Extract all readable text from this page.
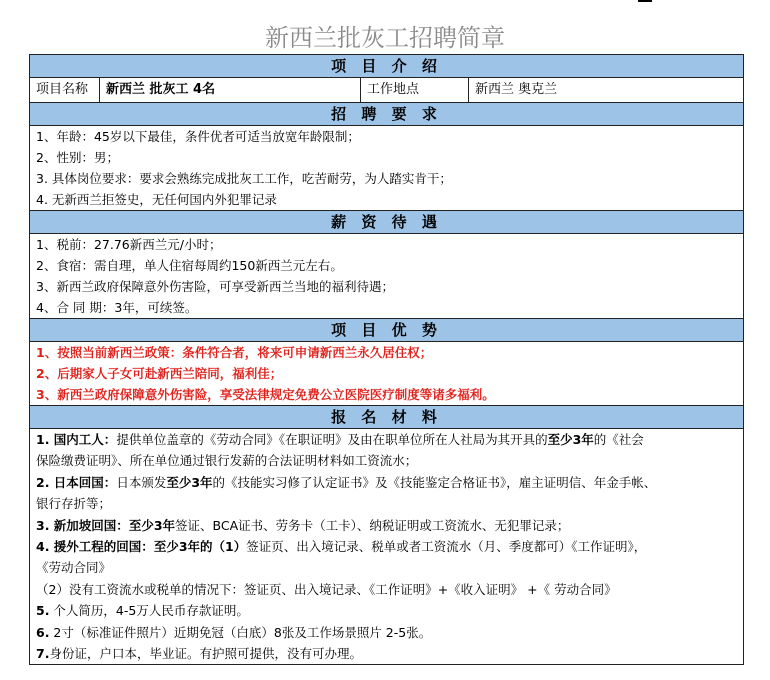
新西兰批灰工招聘简章
项 目 介 绍
项目名称	新西兰 批灰工 4名	工作地点	新西兰 奥克兰
招 聘 要 求
1、年龄：45岁以下最佳，条件优者可适当放宽年龄限制；
2、性别：男；
3. 具体岗位要求：要求会熟练完成批灰工工作，吃苦耐劳，为人踏实肯干；
4. 无新西兰拒签史，无任何国内外犯罪记录
薪 资 待 遇
1、税前：27.76新西兰元/小时；
2、食宿：需自理，单人住宿每周约150新西兰元左右。
3、新西兰政府保障意外伤害险，可享受新西兰当地的福利待遇；
4、合 同 期：3年，可续签。
项 目 优 势
1、按照当前新西兰政策：条件符合者，将来可申请新西兰永久居住权；
2、后期家人子女可赴新西兰陪同，福利佳；
3、新西兰政府保障意外伤害险，享受法律规定免费公立医院医疗制度等诸多福利。
报 名 材 料
1. 国内工人：提供单位盖章的《劳动合同》《在职证明》及由在职单位所在人社局为其开具的至少3年的《社会
保险缴费证明》、所在单位通过银行发薪的合法证明材料如工资流水；
2. 日本回国：日本颁发至少3年的《技能实习修了认定证书》及《技能鉴定合格证书》，雇主证明信、年金手帐、
银行存折等；
3. 新加坡回国：至少3年签证、BCA证书、劳务卡（工卡）、纳税证明或工资流水、无犯罪记录；
4. 援外工程的回国：至少3年的（1）签证页、出入境记录、税单或者工资流水（月、季度都可）《工作证明》，
《劳动合同》
（2）没有工资流水或税单的情况下：签证页、出入境记录、《工作证明》+《收入证明》 +《 劳动合同》
5. 个人简历，4-5万人民币存款证明。
6. 2寸（标准证件照片）近期免冠（白底）8张及工作场景照片 2-5张。
7.身份证，户口本，毕业证。有护照可提供，没有可办理。
